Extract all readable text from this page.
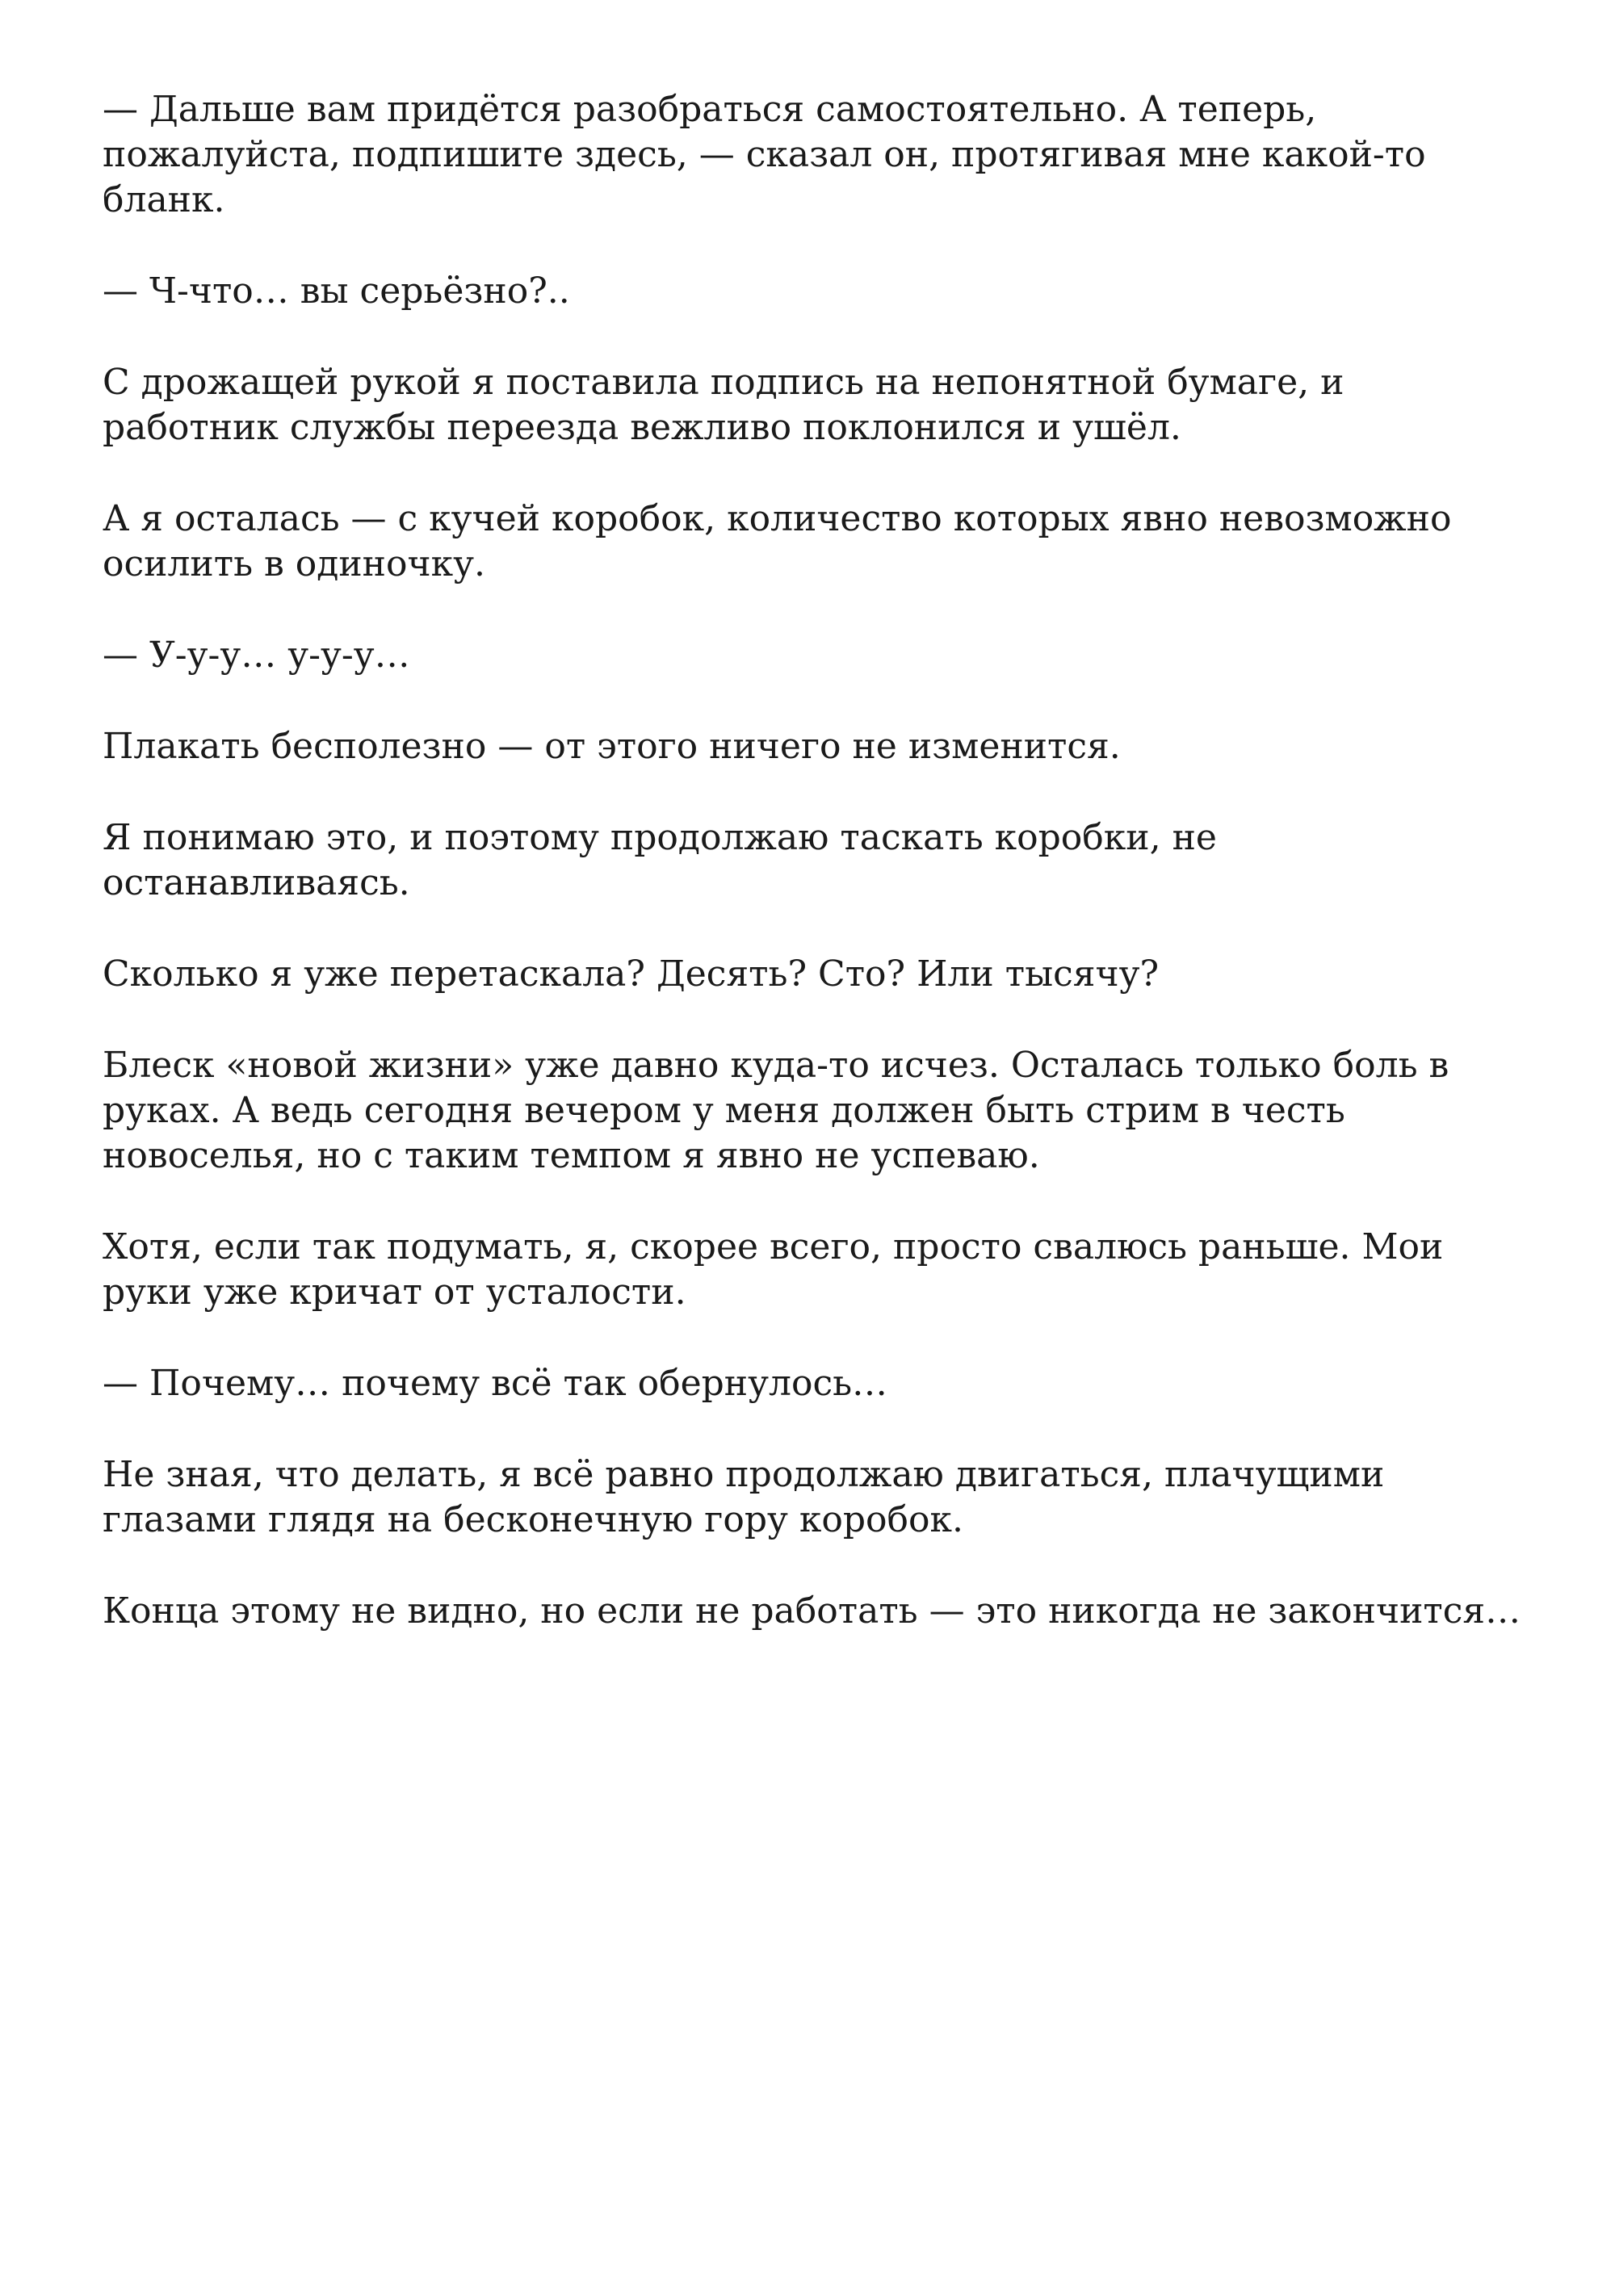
— Дальше вам придётся разобраться самостоятельно. А теперь, пожалуйста, подпишите здесь, — сказал он, протягивая мне какой-то бланк.

— Ч-что… вы серьёзно?..

С дрожащей рукой я поставила подпись на непонятной бумаге, и работник службы переезда вежливо поклонился и ушёл.

А я осталась — с кучей коробок, количество которых явно невозможно осилить в одиночку.

— У-у-у… у-у-у…

Плакать бесполезно — от этого ничего не изменится.

Я понимаю это, и поэтому продолжаю таскать коробки, не останавливаясь.

Сколько я уже перетаскала? Десять? Сто? Или тысячу?

Блеск «новой жизни» уже давно куда-то исчез. Осталась только боль в руках. А ведь сегодня вечером у меня должен быть стрим в честь новоселья, но с таким темпом я явно не успеваю.

Хотя, если так подумать, я, скорее всего, просто свалюсь раньше. Мои руки уже кричат от усталости.

— Почему… почему всё так обернулось…

Не зная, что делать, я всё равно продолжаю двигаться, плачущими глазами глядя на бесконечную гору коробок.

Конца этому не видно, но если не работать — это никогда не закончится…
